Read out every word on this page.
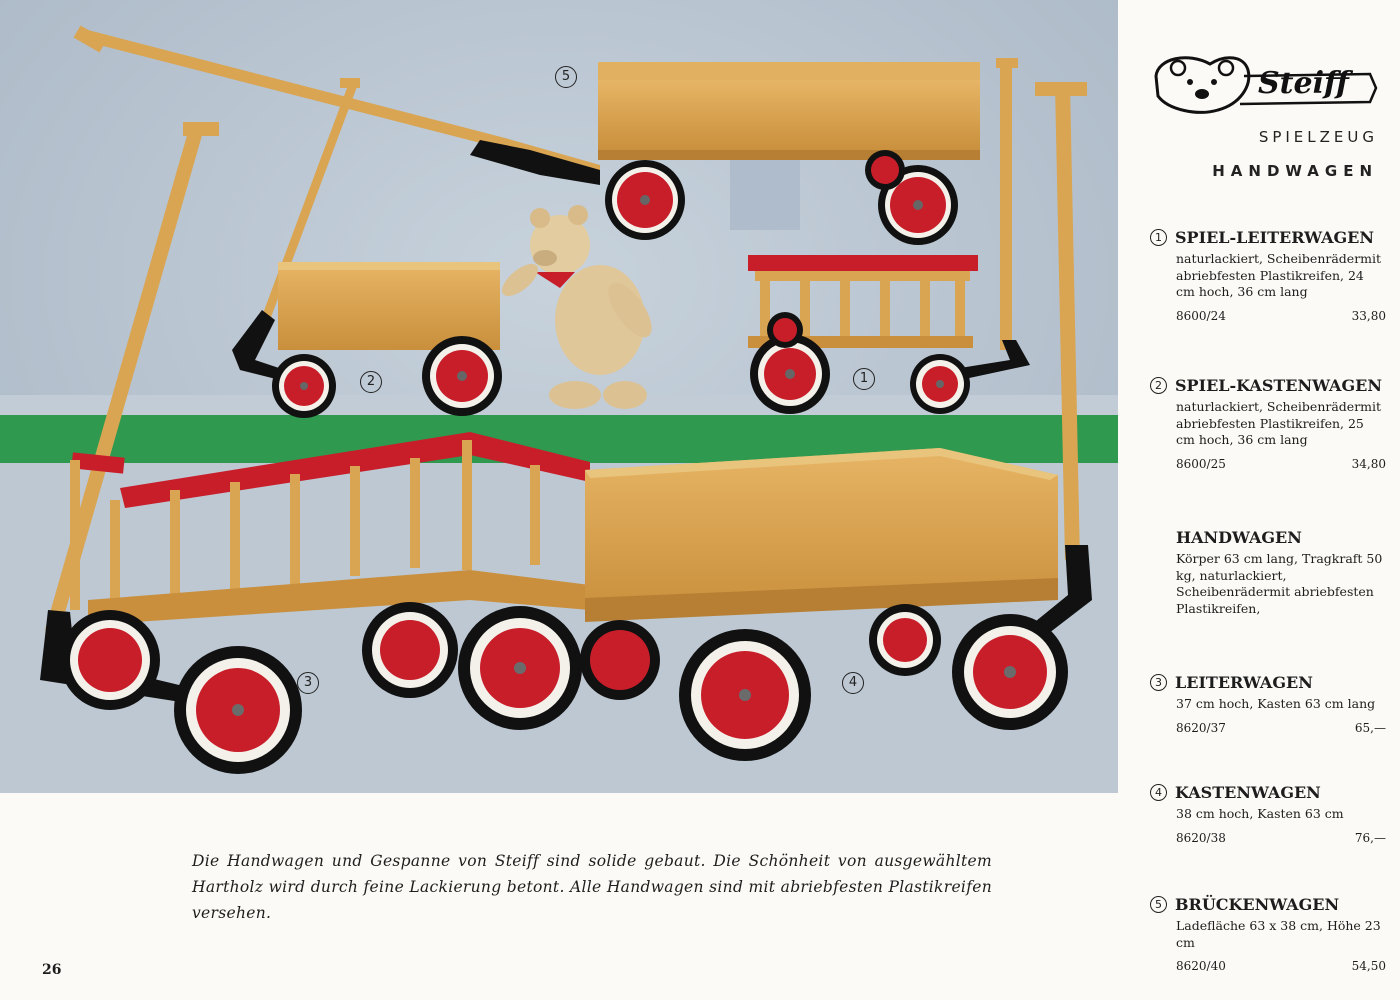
5
2	1
3	4
Die Handwagen und Gespanne von Steiff sind solide gebaut. Die Schönheit von ausgewähltem Hartholz wird durch feine Lackierung betont. Alle Handwagen sind mit abriebfesten Plastikreifen versehen.
26
Steiff
SPIELZEUG
HANDWAGEN
1 SPIEL-LEITERWAGEN
naturlackiert, Scheibenrädermit abriebfesten Plastikreifen, 24 cm hoch, 36 cm lang
8600/24	33,80
2 SPIEL-KASTENWAGEN
naturlackiert, Scheibenrädermit abriebfesten Plastikreifen, 25 cm hoch, 36 cm lang
8600/25	34,80
HANDWAGEN
Körper 63 cm lang, Tragkraft 50 kg, naturlackiert, Scheibenrädermit abriebfesten Plastikreifen,
3 LEITERWAGEN
37 cm hoch, Kasten 63 cm lang
8620/37	65,—
4 KASTENWAGEN
38 cm hoch, Kasten 63 cm
8620/38	76,—
5 BRÜCKENWAGEN
Ladefläche 63 x 38 cm, Höhe 23 cm
8620/40	54,50
